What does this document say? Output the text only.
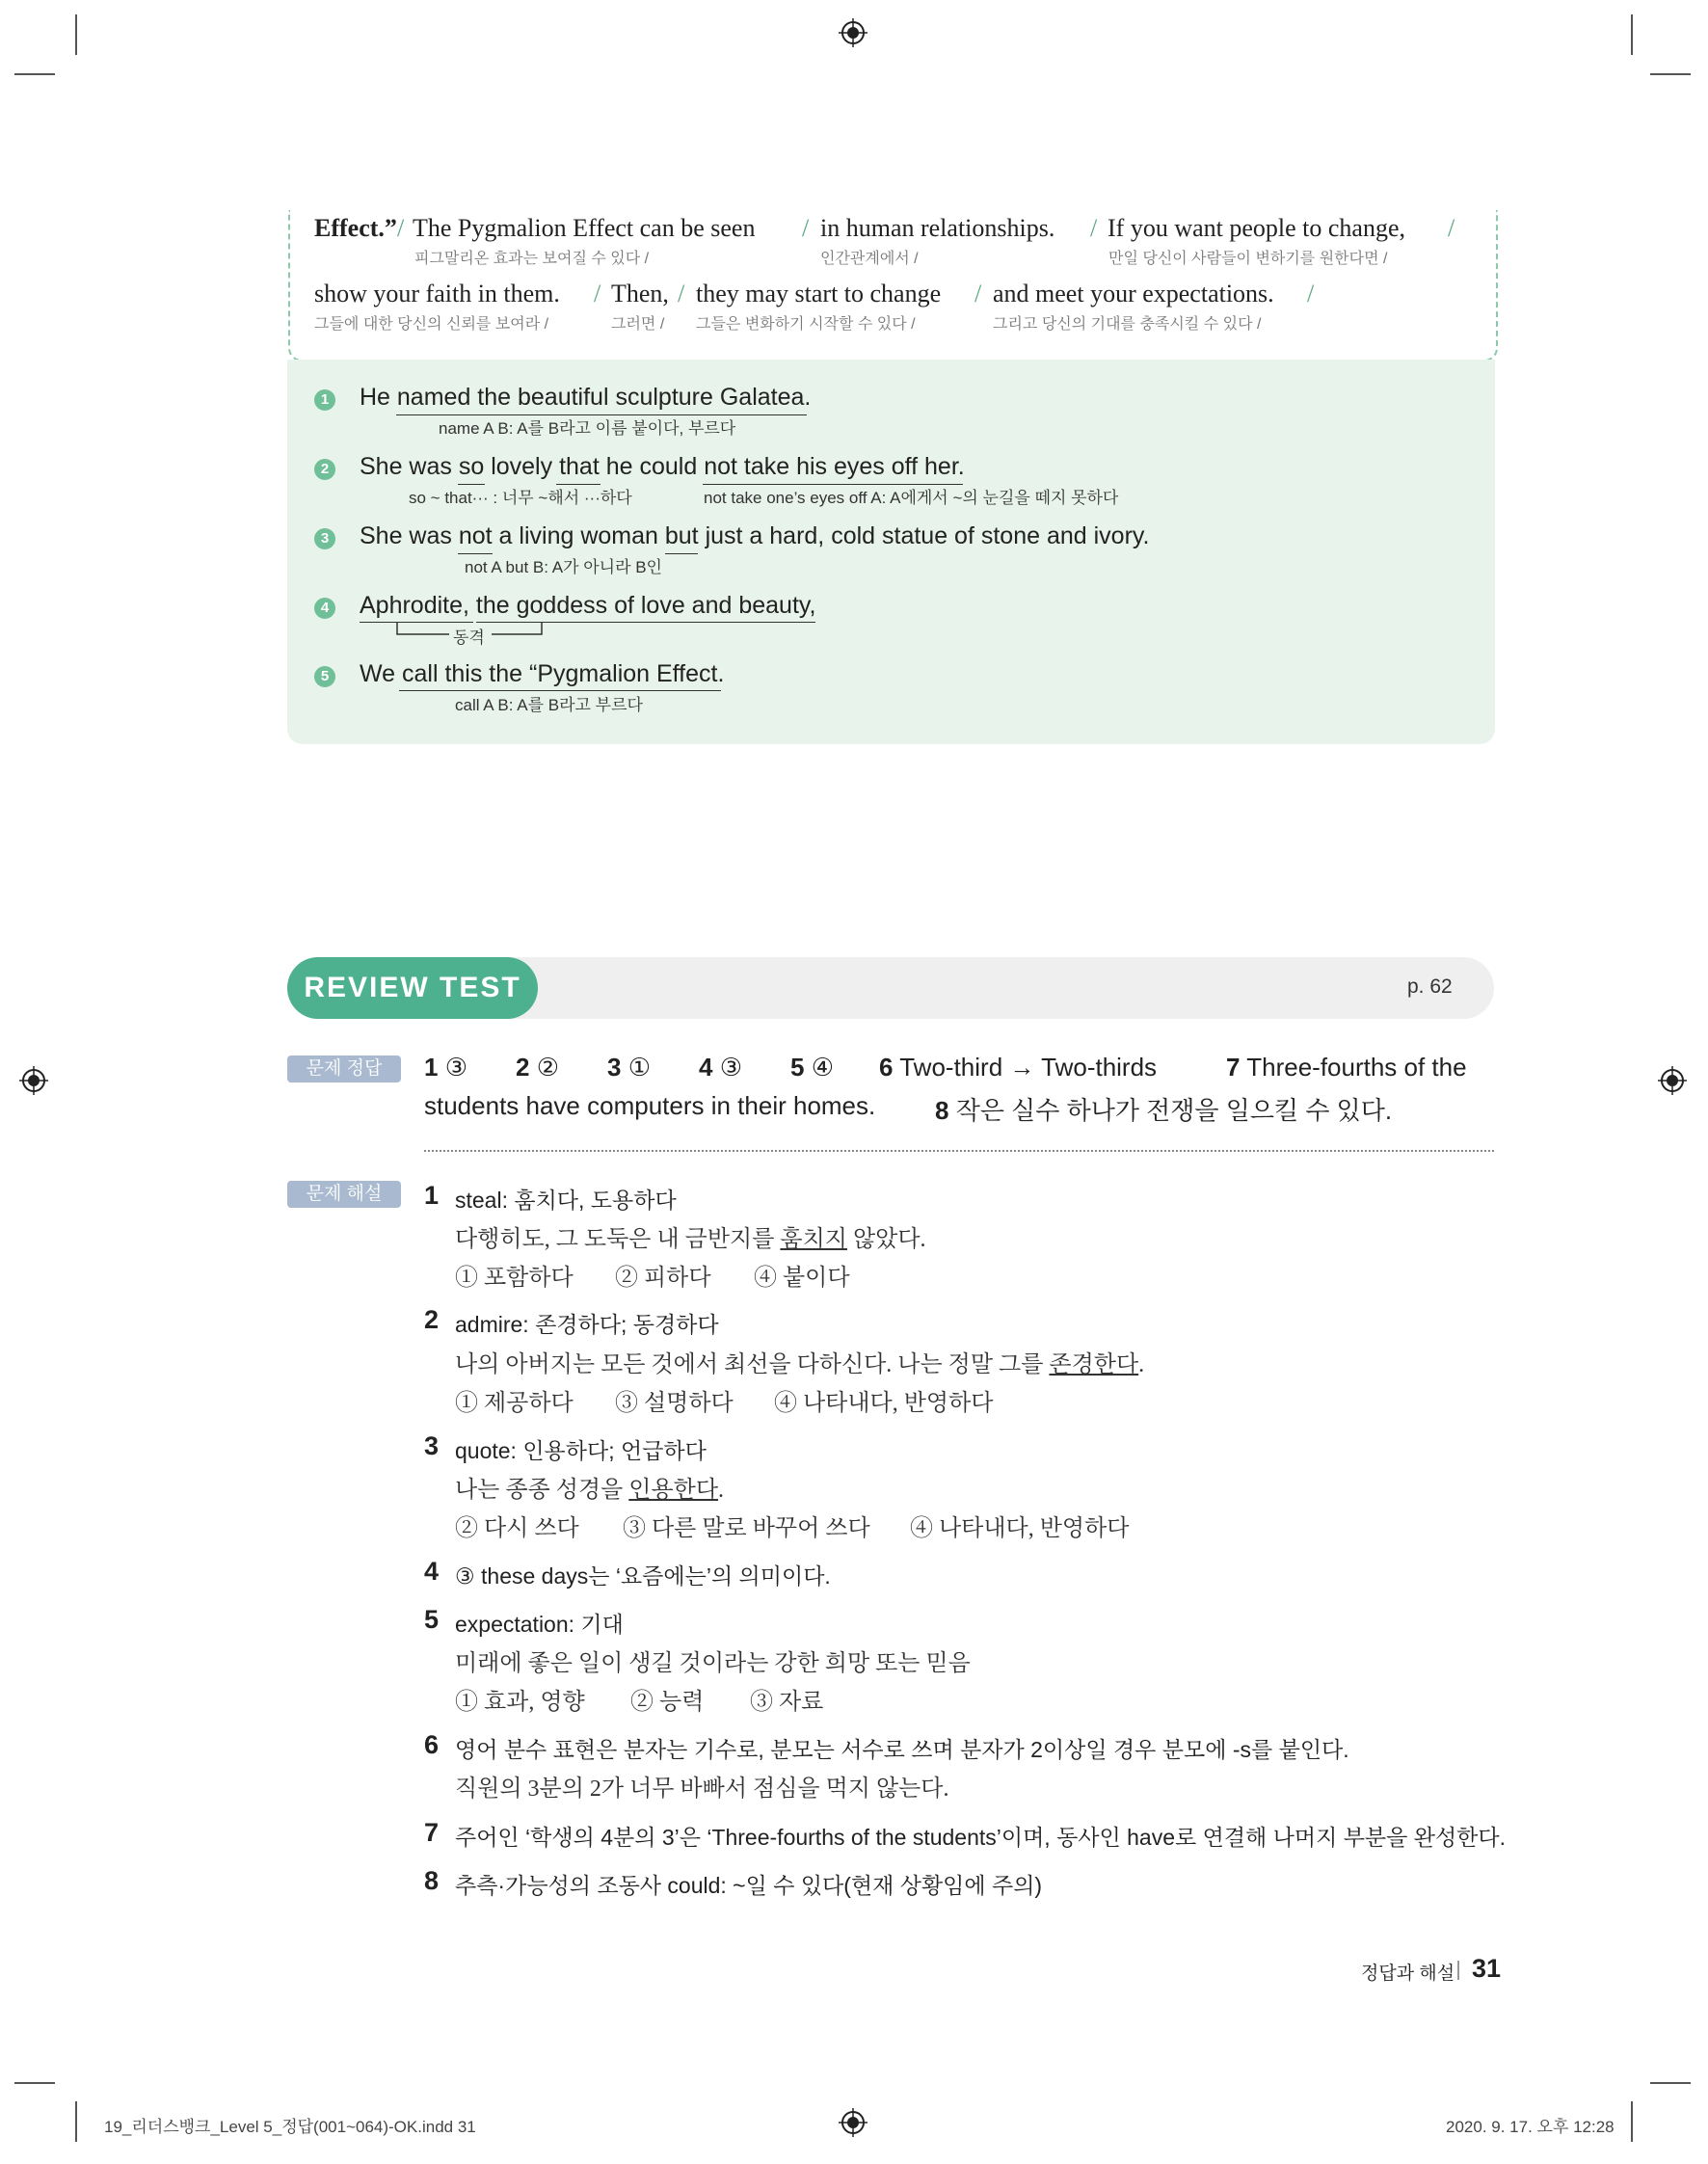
Effect.” / The Pygmalion Effect can be seen / in human relationships. / If you want people to change, /
피그말리온 효과는 보여질 수 있다 /	인간관계에서 /	만일 당신이 사람들이 변하기를 원한다면 /
show your faith in them. / Then, / they may start to change / and meet your expectations. /
그들에 대한 당신의 신뢰를 보여라 /	그러면 / 그들은 변화하기 시작할 수 있다 /	그리고 당신의 기대를 충족시킬 수 있다 /
1 He named the beautiful sculpture Galatea.
name A B: A를 B라고 이름 붙이다, 부르다
2 She was so lovely that he could not take his eyes off her.
so ~ that··· : 너무 ~해서 ···하다	not take one’s eyes off A: A에게서 ~의 눈길을 떼지 못하다
3 She was not a living woman but just a hard, cold statue of stone and ivory.
not A but B: A가 아니라 B인
4 Aphrodite, the goddess of love and beauty,
동격
5 We call this the “Pygmalion Effect.
call A B: A를 B라고 부르다
REVIEW TEST	p. 62
문제 정답	1 ③ 2 ② 3 ① 4 ③ 5 ④ 6 Two-third → Two-thirds	7 Three-fourths of the
students have computers in their homes. 8 작은 실수 하나가 전쟁을 일으킬 수 있다.
문제 해설	1 steal: 훔치다, 도용하다
다행히도, 그 도둑은 내 금반지를 훔치지 않았다.
① 포함하다 ② 피하다 ④ 붙이다
2 admire: 존경하다; 동경하다
나의 아버지는 모든 것에서 최선을 다하신다. 나는 정말 그를 존경한다.
① 제공하다 ③ 설명하다 ④ 나타내다, 반영하다
3 quote: 인용하다; 언급하다
나는 종종 성경을 인용한다.
② 다시 쓰다 ③ 다른 말로 바꾸어 쓰다 ④ 나타내다, 반영하다
4 ③ these days는 ‘요즘에는’의 의미이다.
5 expectation: 기대
미래에 좋은 일이 생길 것이라는 강한 희망 또는 믿음
① 효과, 영향 ② 능력 ③ 자료
6 영어 분수 표현은 분자는 기수로, 분모는 서수로 쓰며 분자가 2이상일 경우 분모에 -s를 붙인다.
직원의 3분의 2가 너무 바빠서 점심을 먹지 않는다.
7 주어인 ‘학생의 4분의 3’은 ‘Three-fourths of the students’이며, 동사인 have로 연결해 나머지 부분을 완성한다.
8 추측·가능성의 조동사 could: ~일 수 있다(현재 상황임에 주의)
정답과 해설 31
19_리더스뱅크_Level 5_정답(001~064)-OK.indd 31	2020. 9. 17. 오후 12:28
